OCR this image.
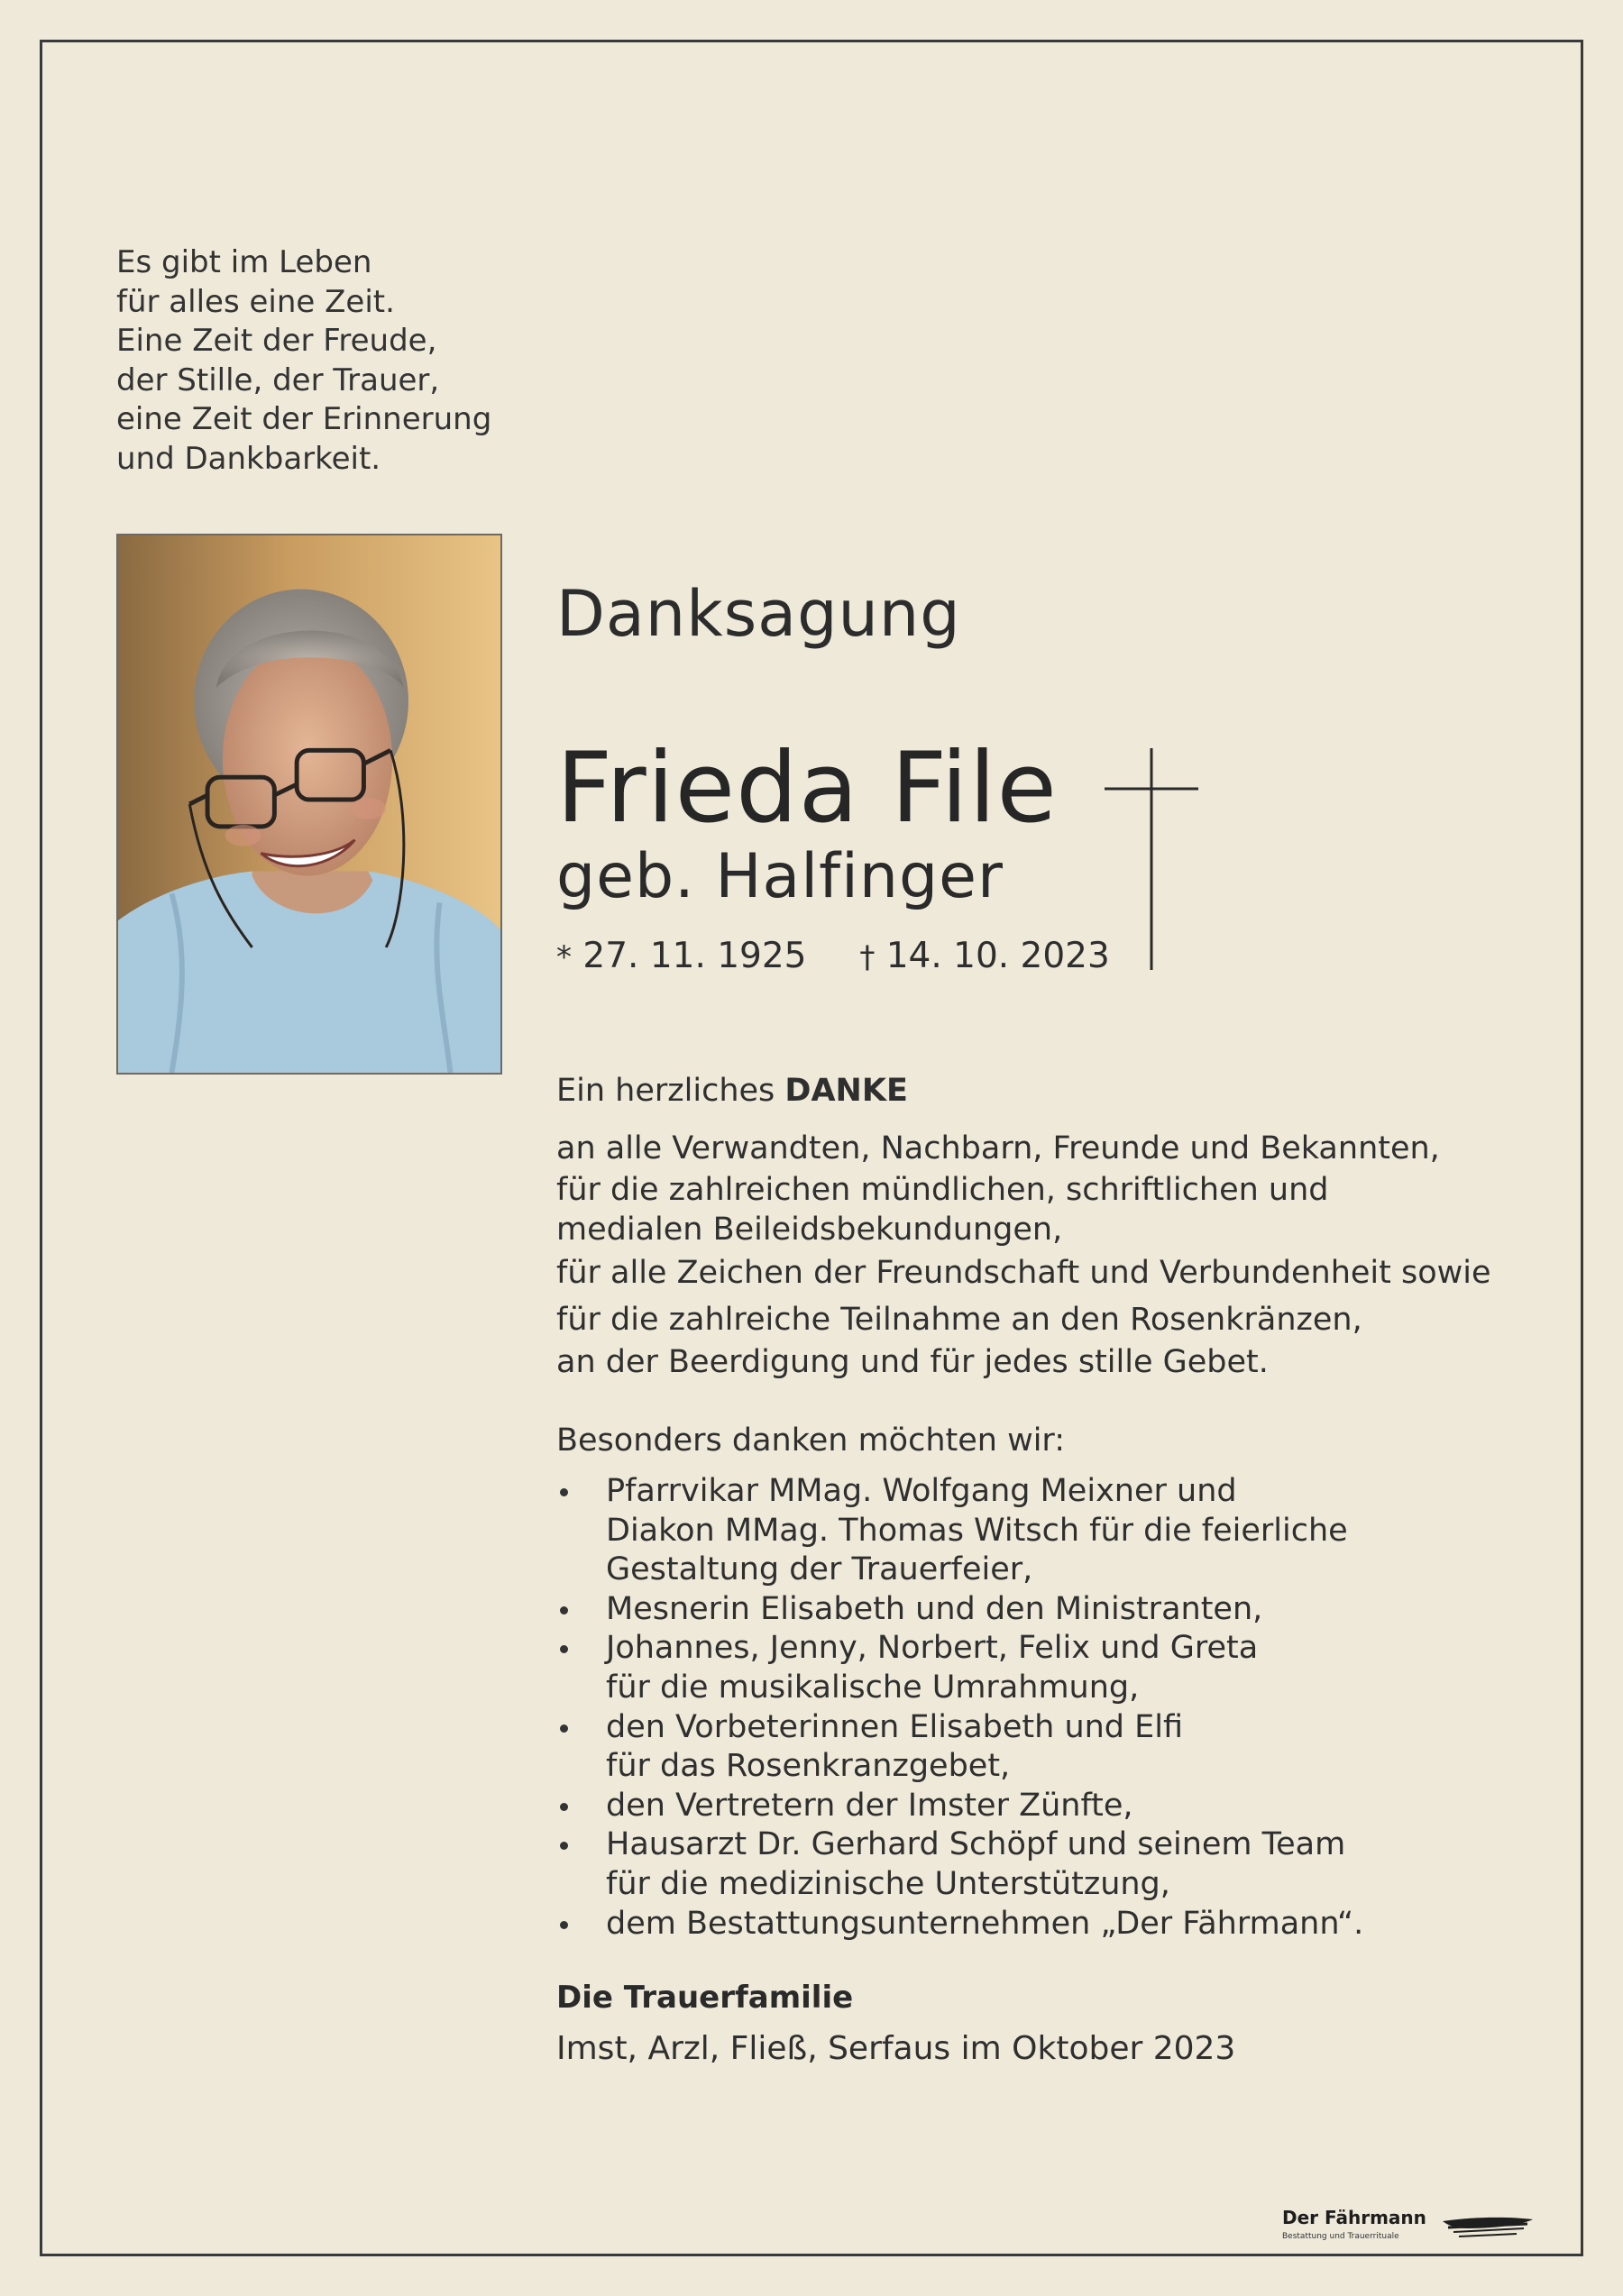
Es gibt im Leben
für alles eine Zeit.
Eine Zeit der Freude,
der Stille, der Trauer,
eine Zeit der Erinnerung
und Dankbarkeit.
Danksagung
Frieda File
geb. Halfinger
* 27. 11. 1925 † 14. 10. 2023
Ein herzliches DANKE
an alle Verwandten, Nachbarn, Freunde und Bekannten,
für die zahlreichen mündlichen, schriftlichen und
medialen Beileidsbekundungen,
für alle Zeichen der Freundschaft und Verbundenheit sowie
für die zahlreiche Teilnahme an den Rosenkränzen,
an der Beerdigung und für jedes stille Gebet.
Besonders danken möchten wir:
Pfarrvikar MMag. Wolfgang Meixner und
Diakon MMag. Thomas Witsch für die feierliche
Gestaltung der Trauerfeier,
Mesnerin Elisabeth und den Ministranten,
Johannes, Jenny, Norbert, Felix und Greta
für die musikalische Umrahmung,
den Vorbeterinnen Elisabeth und Elfi
für das Rosenkranzgebet,
den Vertretern der Imster Zünfte,
Hausarzt Dr. Gerhard Schöpf und seinem Team
für die medizinische Unterstützung,
dem Bestattungsunternehmen „Der Fährmann“.
Die Trauerfamilie
Imst, Arzl, Fließ, Serfaus im Oktober 2023
Der Fährmann
Bestattung und Trauerrituale
